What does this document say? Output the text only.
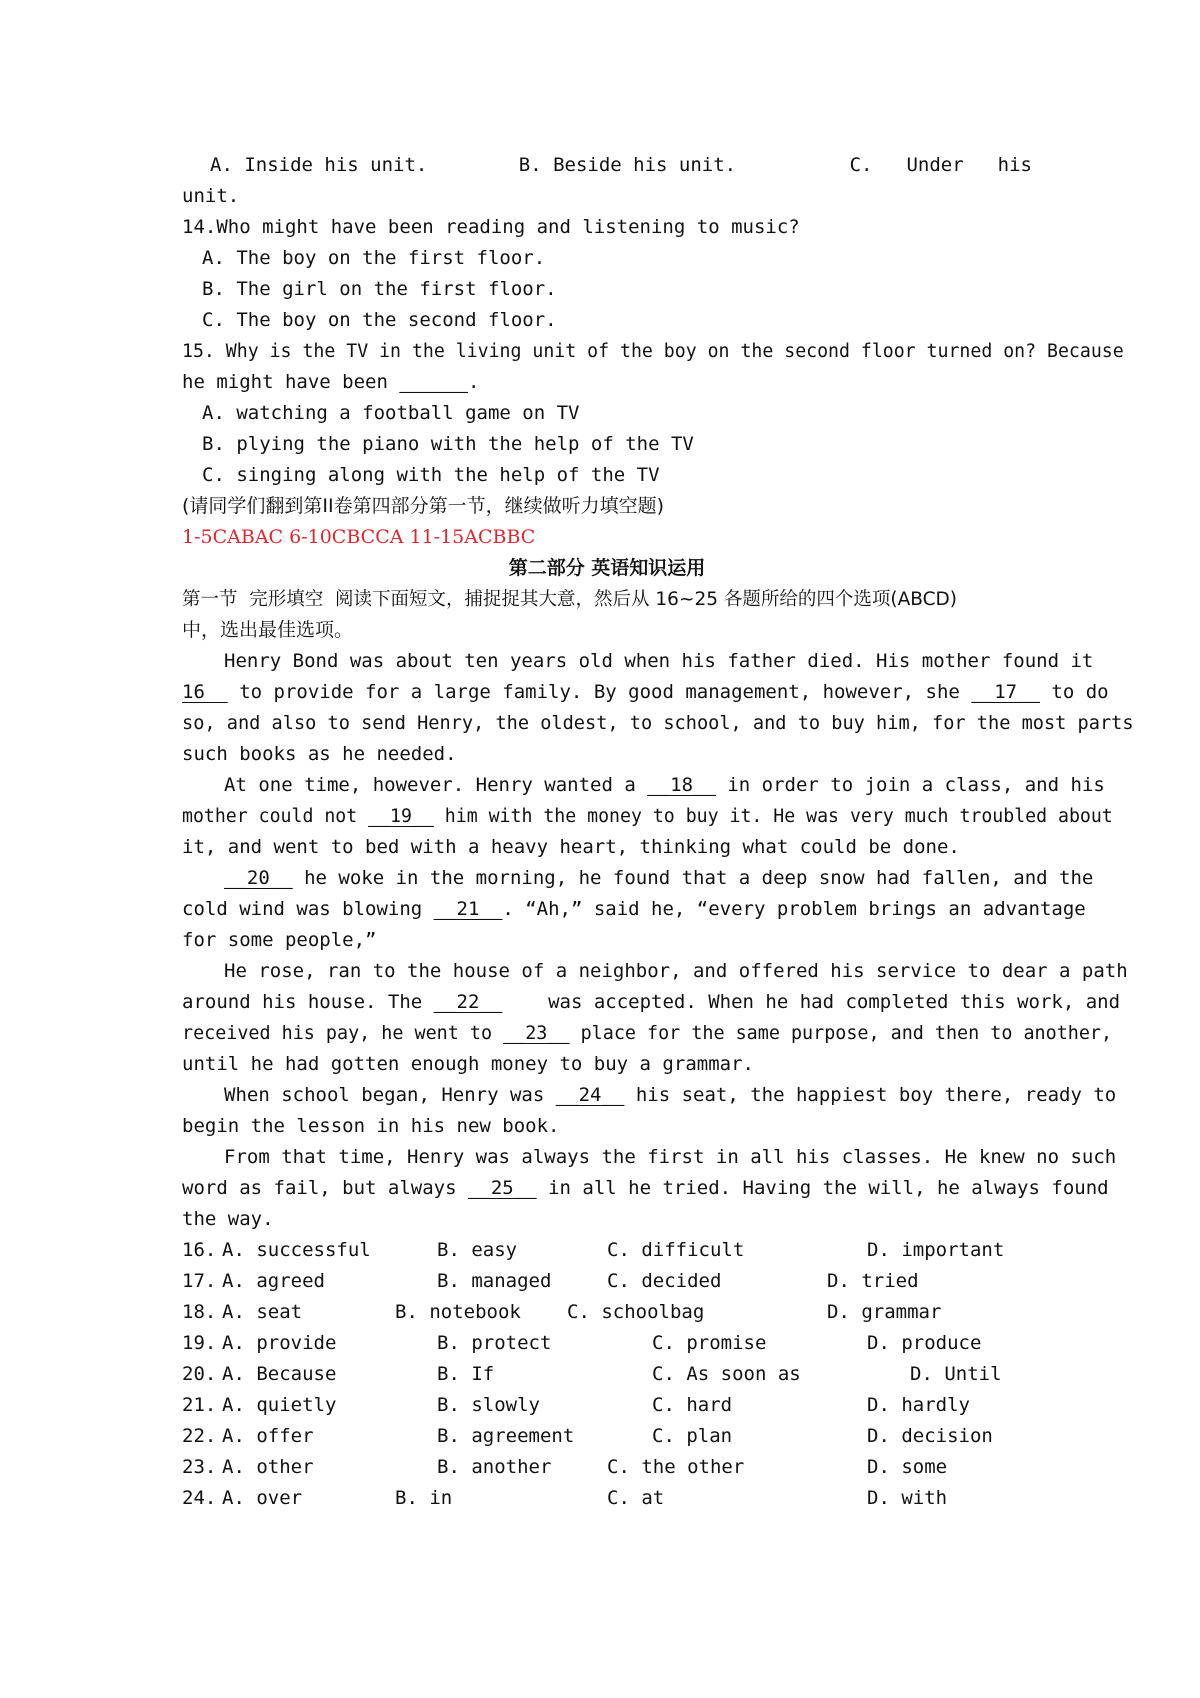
A. Inside his unit.	B. Beside his unit.	C. Under his
unit.
14.Who might have been reading and listening to music?
A. The boy on the first floor.
B. The girl on the first floor.
C. The boy on the second floor.
15. Why is the TV in the living unit of the boy on the second floor turned on? Because
he might have been ______.
A. watching a football game on TV
B. plying the piano with the help of the TV
C. singing along with the help of the TV
(请同学们翻到第II卷第四部分第一节，继续做听力填空题)
1-5CABAC 6-10CBCCA 11-15ACBBC
第二部分 英语知识运用
第一节  完形填空  阅读下面短文，捕捉捉其大意，然后从 16~25 各题所给的四个选项(ABCD)
中，选出最佳选项。
Henry Bond was about ten years old when his father died. His mother found it
16   to provide for a large family. By good management, however, she __17__ to do
so, and also to send Henry, the oldest, to school, and to buy him, for the most parts
such books as he needed.
At one time, however. Henry wanted a __18__ in order to join a class, and his
mother could not __19__ him with the money to buy it. He was very much troubled about
it, and went to bed with a heavy heart, thinking what could be done.
__20__ he woke in the morning, he found that a deep snow had fallen, and the
cold wind was blowing __21__. “Ah,” said he, “every problem brings an advantage
for some people,”
He rose, ran to the house of a neighbor, and offered his service to dear a path
around his house. The __22__    was accepted. When he had completed this work, and
received his pay, he went to __23__ place for the same purpose, and then to another,
until he had gotten enough money to buy a grammar.
When school began, Henry was __24__ his seat, the happiest boy there, ready to
begin the lesson in his new book.
From that time, Henry was always the first in all his classes. He knew no such
word as fail, but always __25__ in all he tried. Having the will, he always found
the way.
16. A. successful	B. easy	C. difficult	D. important
17. A. agreed	B. managed	C. decided	D. tried
18. A. seat	B. notebook C. schoolbag	D. grammar
19. A. provide	B. protect	C. promise	D. produce
20. A. Because	B. If	C. As soon as	D. Until
21. A. quietly	B. slowly	C. hard	D. hardly
22. A. offer	B. agreement	C. plan	D. decision
23. A. other	B. another	C. the other	D. some
24. A. over	B. in	C. at	D. with
